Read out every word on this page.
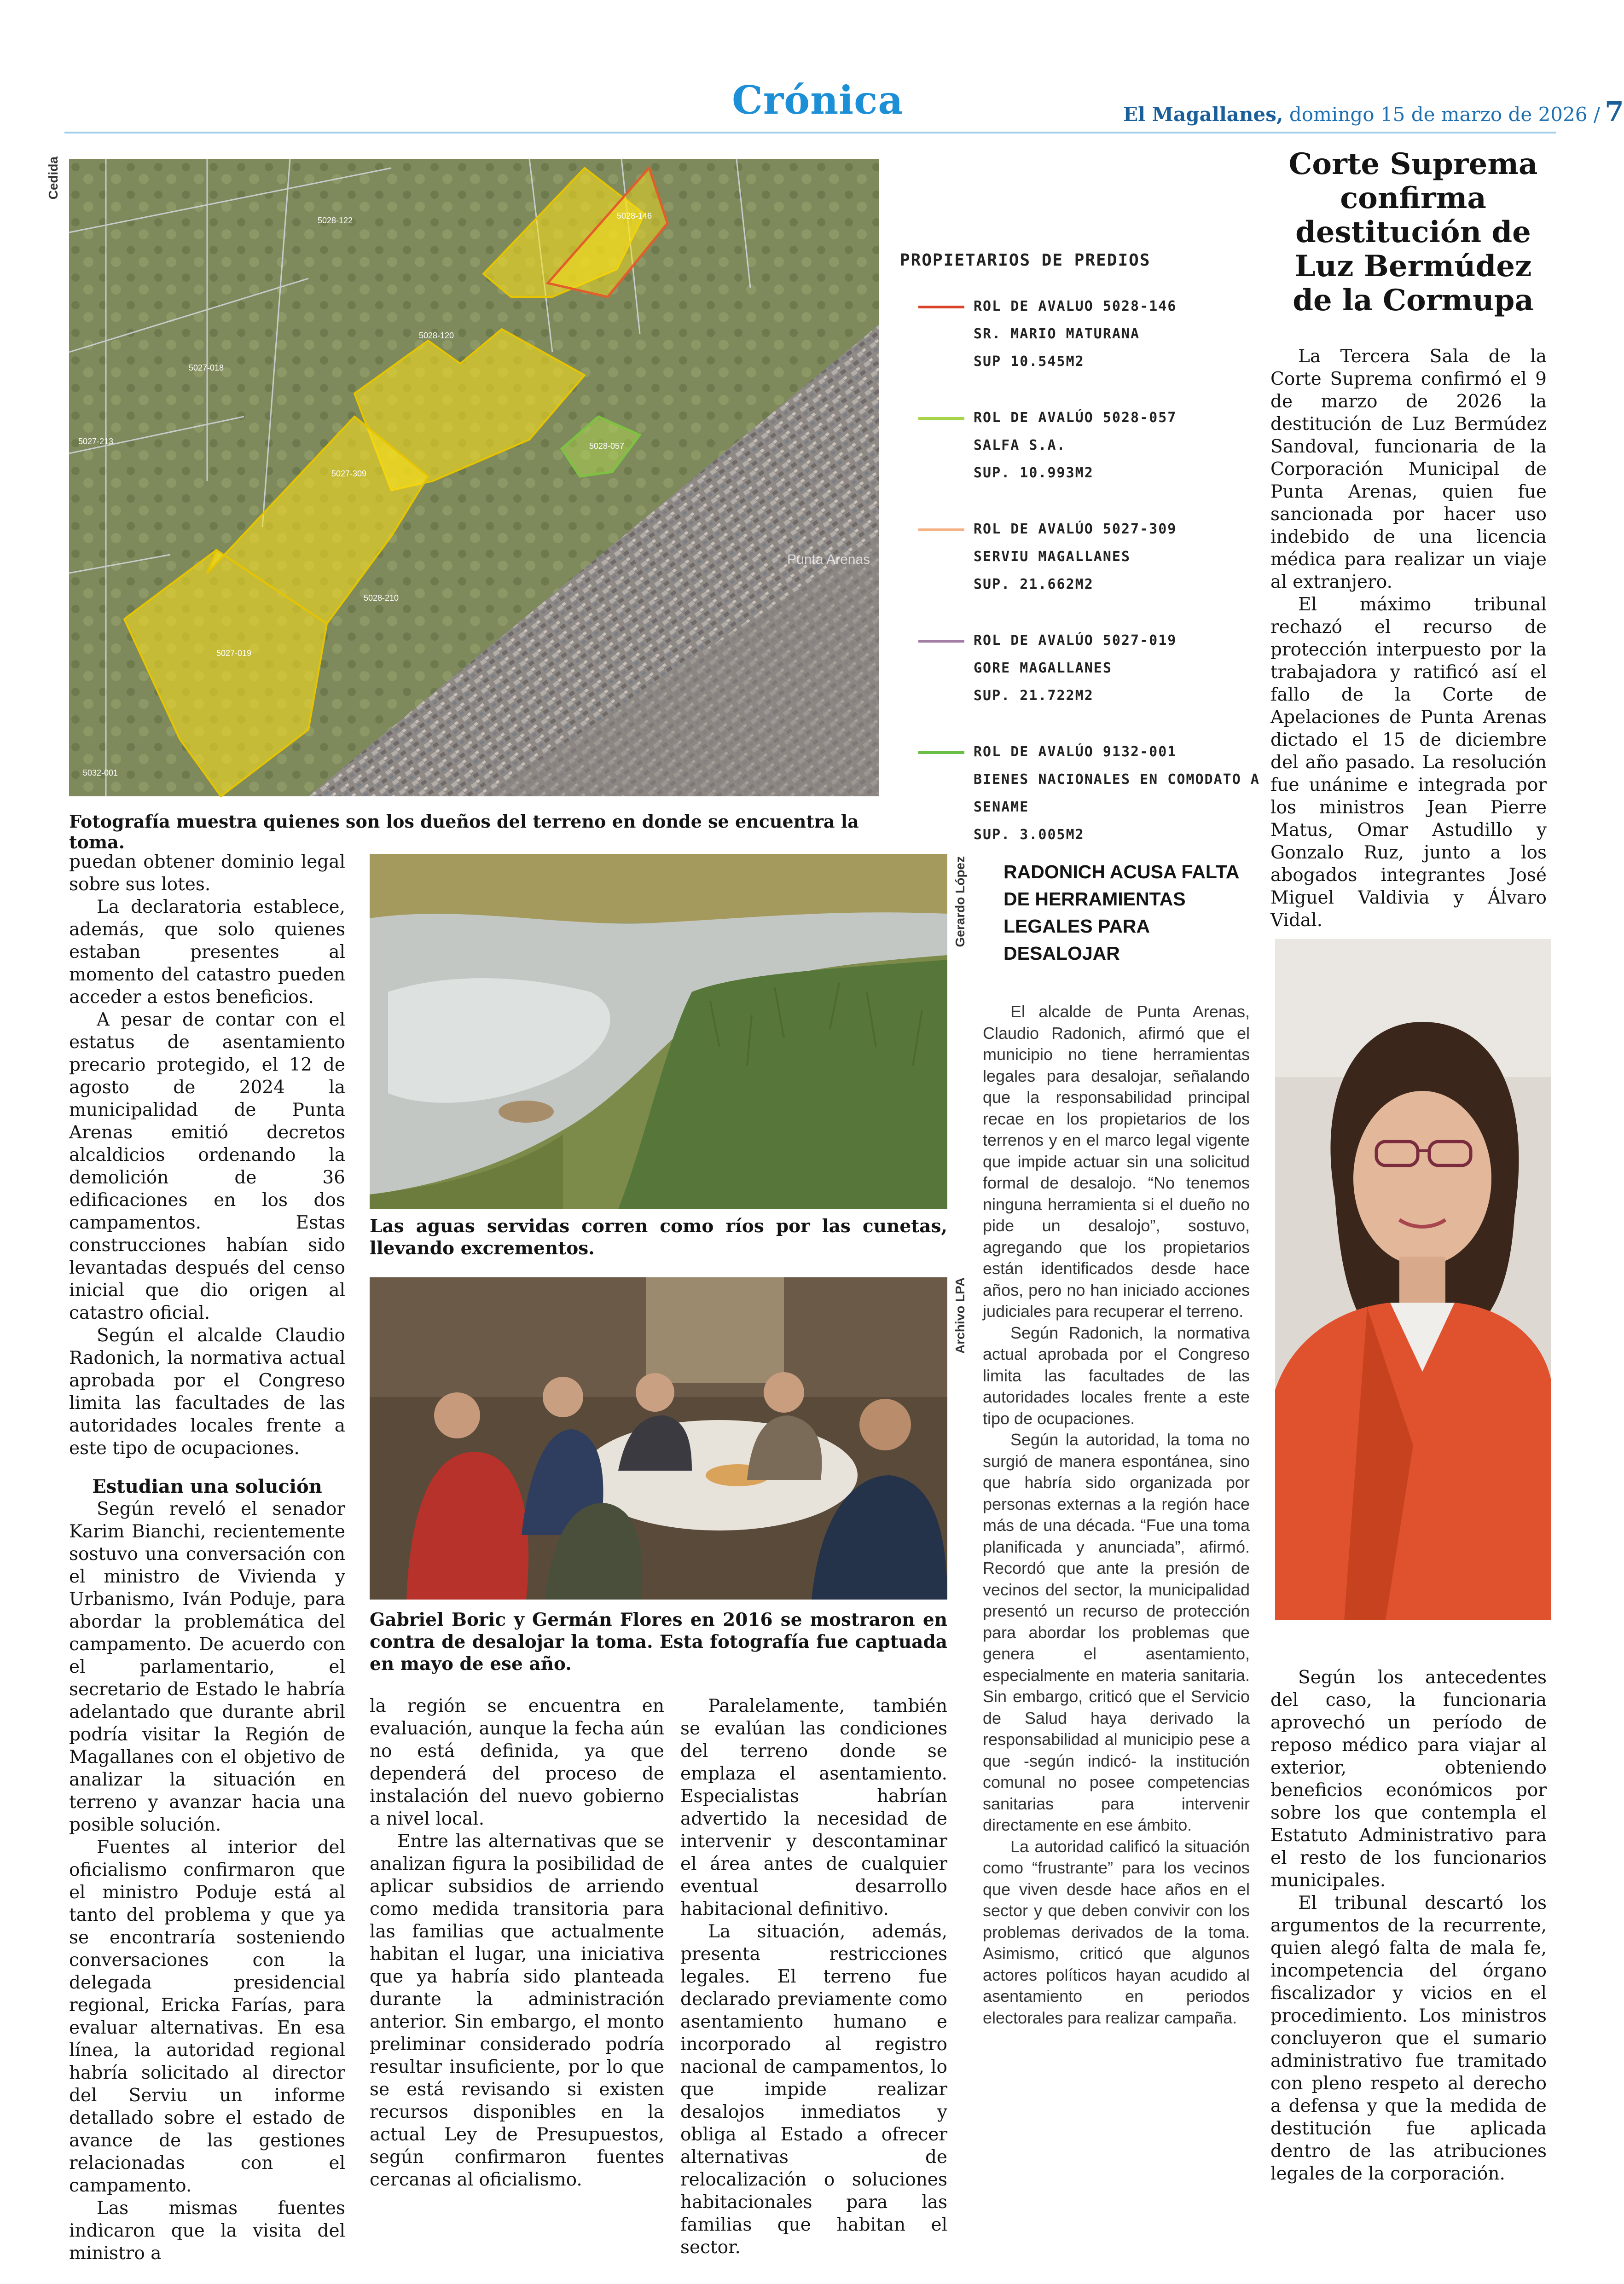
Crónica	El Magallanes, domingo 15 de marzo de 2026 / 7
Cedida
5028-146
5027-309
5027-019
5028-057
5028-122
5027-018
5028-120
5027-213
5028-210
5032-001
Punta Arenas
PROPIETARIOS DE PREDIOS
ROL DE AVALUO 5028-146
SR. MARIO MATURANA
SUP 10.545M2
ROL DE AVALÚO 5028-057
SALFA S.A.
SUP. 10.993M2
ROL DE AVALÚO 5027-309
SERVIU MAGALLANES
SUP. 21.662M2
ROL DE AVALÚO 5027-019
GORE MAGALLANES
SUP. 21.722M2
ROL DE AVALÚO 9132-001
BIENES NACIONALES EN COMODATO A SENAME
SUP. 3.005M2
Fotografía muestra quienes son los dueños del terreno en donde se encuentra la toma.

puedan obtener dominio legal sobre sus lotes.

La declaratoria establece, además, que solo quienes estaban presentes al momento del catastro pueden acceder a estos beneficios.

A pesar de contar con el estatus de asentamiento precario protegido, el 12 de agosto de 2024 la municipalidad de Punta Arenas emitió decretos alcaldicios ordenando la demolición de 36 edificaciones en los dos campamentos. Estas construcciones habían sido levantadas después del censo inicial que dio origen al catastro oficial.

Según el alcalde Claudio Radonich, la normativa actual aprobada por el Congreso limita las facultades de las autoridades locales frente a este tipo de ocupaciones.

Estudian una solución

Según reveló el senador Karim Bianchi, recientemente sostuvo una conversación con el ministro de Vivienda y Urbanismo, Iván Poduje, para abordar la problemática del campamento. De acuerdo con el parlamentario, el secretario de Estado le habría adelantado que durante abril podría visitar la Región de Magallanes con el objetivo de analizar la situación en terreno y avanzar hacia una posible solución.

Fuentes al interior del oficialismo confirmaron que el ministro Poduje está al tanto del problema y que ya se encontraría sosteniendo conversaciones con la delegada presidencial regional, Ericka Farías, para evaluar alternativas. En esa línea, la autoridad regional habría solicitado al director del Serviu un informe detallado sobre el estado de avance de las gestiones relacionadas con el campamento.

Las mismas fuentes indicaron que la visita del ministro a

Gerardo López
Las aguas servidas corren como ríos por las cunetas, llevando excrementos.
Archivo LPA
Gabriel Boric y Germán Flores en 2016 se mostraron en contra de desalojar la toma. Esta fotografía fue captuada en mayo de ese año.

la región se encuentra en evaluación, aunque la fecha aún no está definida, ya que dependerá del proceso de instalación del nuevo gobierno a nivel local.

Entre las alternativas que se analizan figura la posibilidad de aplicar subsidios de arriendo como medida transitoria para las familias que actualmente habitan el lugar, una iniciativa que ya habría sido planteada durante la administración anterior. Sin embargo, el monto preliminar considerado podría resultar insuficiente, por lo que se está revisando si existen recursos disponibles en la actual Ley de Presupuestos, según confirmaron fuentes cercanas al oficialismo.

Paralelamente, también se evalúan las condiciones del terreno donde se emplaza el asentamiento. Especialistas habrían advertido la necesidad de intervenir y descontaminar el área antes de cualquier eventual desarrollo habitacional definitivo.

La situación, además, presenta restricciones legales. El terreno fue declarado previamente como asentamiento humano e incorporado al registro nacional de campamentos, lo que impide realizar desalojos inmediatos y obliga al Estado a ofrecer alternativas de relocalización o soluciones habitacionales para las familias que habitan el sector.

RADONICH ACUSA FALTA DE HERRAMIENTAS LEGALES PARA DESALOJAR

El alcalde de Punta Arenas, Claudio Radonich, afirmó que el municipio no tiene herramientas legales para desalojar, señalando que la responsabilidad principal recae en los propietarios de los terrenos y en el marco legal vigente que impide actuar sin una solicitud formal de desalojo. “No tenemos ninguna herramienta si el dueño no pide un desalojo”, sostuvo, agregando que los propietarios están identificados desde hace años, pero no han iniciado acciones judiciales para recuperar el terreno.

Según Radonich, la normativa actual aprobada por el Congreso limita las facultades de las autoridades locales frente a este tipo de ocupaciones.

Según la autoridad, la toma no surgió de manera espontánea, sino que habría sido organizada por personas externas a la región hace más de una década. “Fue una toma planificada y anunciada”, afirmó. Recordó que ante la presión de vecinos del sector, la municipalidad presentó un recurso de protección para abordar los problemas que genera el asentamiento, especialmente en materia sanitaria. Sin embargo, criticó que el Servicio de Salud haya derivado la responsabilidad al municipio pese a que -según indicó- la institución comunal no posee competencias sanitarias para intervenir directamente en ese ámbito.

La autoridad calificó la situación como “frustrante” para los vecinos que viven desde hace años en el sector y que deben convivir con los problemas derivados de la toma. Asimismo, criticó que algunos actores políticos hayan acudido al asentamiento en periodos electorales para realizar campaña.

Corte Suprema confirma destitución de Luz Bermúdez de la Cormupa

La Tercera Sala de la Corte Suprema confirmó el 9 de marzo de 2026 la destitución de Luz Bermúdez Sandoval, funcionaria de la Corporación Municipal de Punta Arenas, quien fue sancionada por hacer uso indebido de una licencia médica para realizar un viaje al extranjero.

El máximo tribunal rechazó el recurso de protección interpuesto por la trabajadora y ratificó así el fallo de la Corte de Apelaciones de Punta Arenas dictado el 15 de diciembre del año pasado. La resolución fue unánime e integrada por los ministros Jean Pierre Matus, Omar Astudillo y Gonzalo Ruz, junto a los abogados integrantes José Miguel Valdivia y Álvaro Vidal.

Según los antecedentes del caso, la funcionaria aprovechó un período de reposo médico para viajar al exterior, obteniendo beneficios económicos por sobre los que contempla el Estatuto Administrativo para el resto de los funcionarios municipales.

El tribunal descartó los argumentos de la recurrente, quien alegó falta de mala fe, incompetencia del órgano fiscalizador y vicios en el procedimiento. Los ministros concluyeron que el sumario administrativo fue tramitado con pleno respeto al derecho a defensa y que la medida de destitución fue aplicada dentro de las atribuciones legales de la corporación.
